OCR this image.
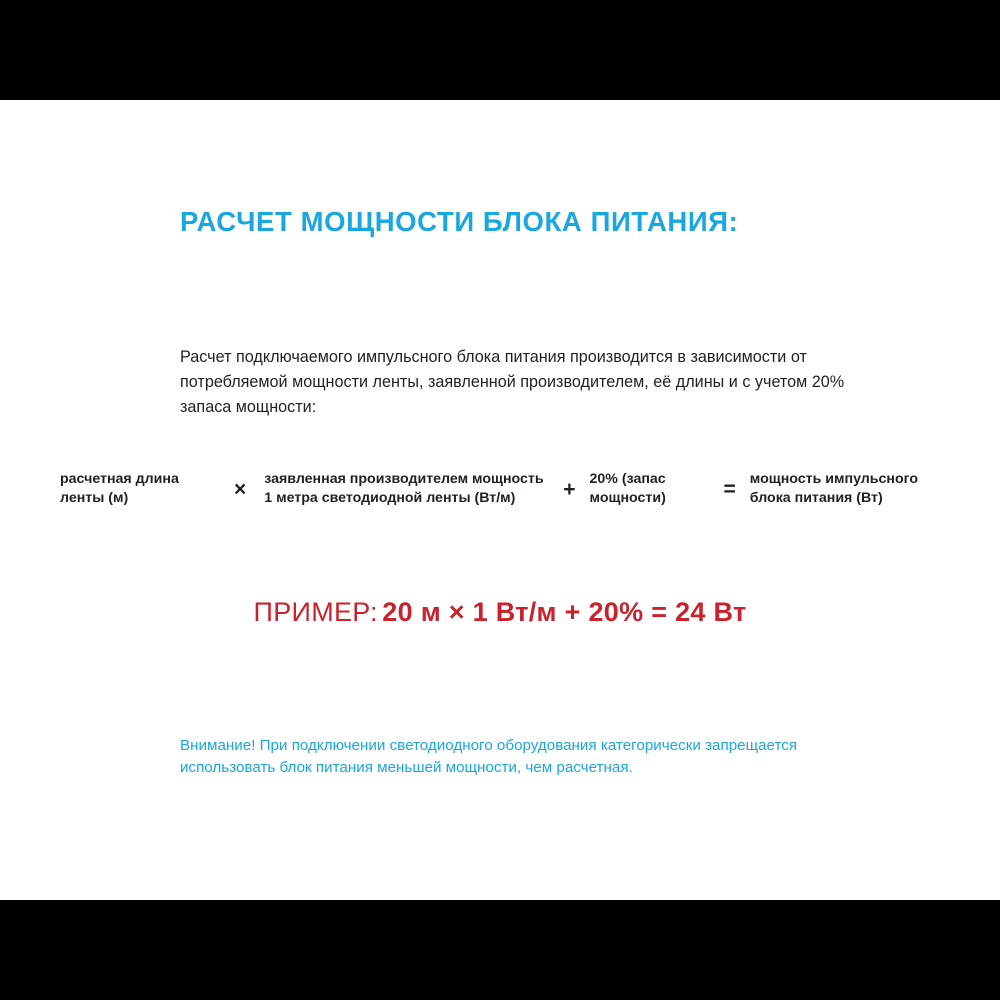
РАСЧЕТ МОЩНОСТИ БЛОКА ПИТАНИЯ:
Расчет подключаемого импульсного блока питания производится в зависимости от потребляемой мощности ленты, заявленной производителем, её длины и с учетом 20% запаса мощности:
расчетная длина ленты (м)	×	заявленная производителем мощность 1 метра светодиодной ленты (Вт/м)	+ 20% (запас мощности)	= мощность импульсного блока питания (Вт)
ПРИМЕР: 20 м × 1 Вт/м + 20% = 24 Вт
Внимание! При подключении светодиодного оборудования категорически запрещается использовать блок питания меньшей мощности, чем расчетная.
